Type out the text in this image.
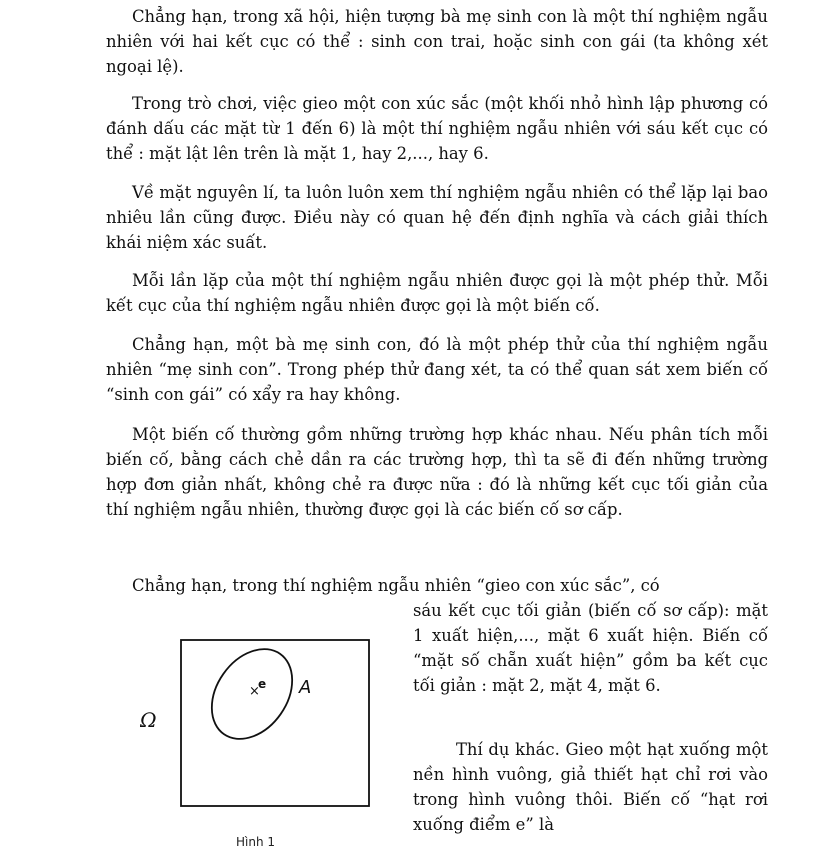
Chẳng hạn, trong xã hội, hiện tượng bà mẹ sinh con là một thí nghiệm ngẫu nhiên với hai kết cục có thể : sinh con trai, hoặc sinh con gái (ta không xét ngoại lệ).

Trong trò chơi, việc gieo một con xúc sắc (một khối nhỏ hình lập phương có đánh dấu các mặt từ 1 đến 6) là một thí nghiệm ngẫu nhiên với sáu kết cục có thể : mặt lật lên trên là mặt 1, hay 2,..., hay 6.

Về mặt nguyên lí, ta luôn luôn xem thí nghiệm ngẫu nhiên có thể lặp lại bao nhiêu lần cũng được. Điều này có quan hệ đến định nghĩa và cách giải thích khái niệm xác suất.

Mỗi lần lặp của một thí nghiệm ngẫu nhiên được gọi là một phép thử. Mỗi kết cục của thí nghiệm ngẫu nhiên được gọi là một biến cố.

Chẳng hạn, một bà mẹ sinh con, đó là một phép thử của thí nghiệm ngẫu nhiên “mẹ sinh con”. Trong phép thử đang xét, ta có thể quan sát xem biến cố “sinh con gái” có xẩy ra hay không.

Một biến cố thường gồm những trường hợp khác nhau. Nếu phân tích mỗi biến cố, bằng cách chẻ dần ra các trường hợp, thì ta sẽ đi đến những trường hợp đơn giản nhất, không chẻ ra được nữa : đó là những kết cục tối giản của thí nghiệm ngẫu nhiên, thường được gọi là các biến cố sơ cấp.

Chẳng hạn, trong thí nghiệm ngẫu nhiên “gieo con xúc sắc”, có

sáu kết cục tối giản (biến cố sơ cấp): mặt 1 xuất hiện,..., mặt 6 xuất hiện. Biến cố “mặt số chẵn xuất hiện” gồm ba kết cục tối giản : mặt 2, mặt 4, mặt 6.

Thí dụ khác. Gieo một hạt xuống một nền hình vuông, giả thiết hạt chỉ rơi vào trong hình vuông thôi. Biến cố “hạt rơi xuống điểm e” là

×
e A
Ω
Hình 1
